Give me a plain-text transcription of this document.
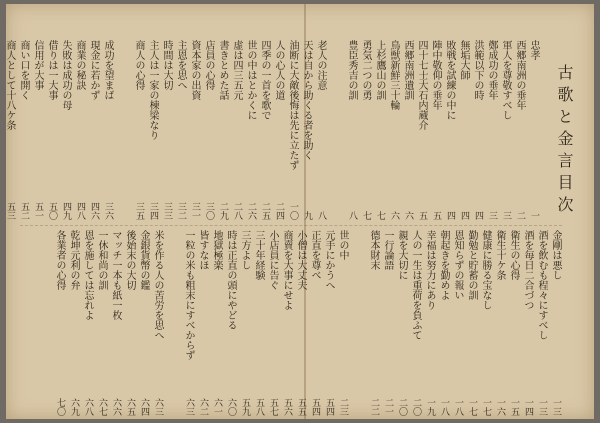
古歌と金言目次
忠孝
一
西郷南洲の垂年
二
軍人を尊敬すべし
三
鄭成功の垂年
三
洪範以下の時
四
無垢大師
四
敗戦を試練の中に
四
陣中敬仰の垂年
五
四十七士大石内蔵介
五
西郷南洲遺訓
六
鳥獣新鮮三十輪
六
上杉鷹山の訓
七
勇気二つの勇
七
豊臣秀吉の訓
八
老人の注意
八
天は自から助くる者を助く
九
油断に大敵後悔は先に立たず
一〇
人の心人の道
二四
四季の一首を歌で
二五
世の中はとかくに
二六
虚は四三五元
二八
書きとめた話
二九
店員の心得
三〇
資本家の出資
三一
主恩を思へ
三二
時間は大切
三三
主人は一家の棟梁なり
三四
商人の心得
三五
成功を望まば
三六
現金に若かず
四六
商業の秘訣
四八
失敗は成功の母
四九
借りは一大事
五〇
信用が大事
五一
商い口を開く
五二
商人として十八ケ条
五三
金剛は悪し
一三
酒を飲むも程々にすべし
一三
酒を毎日二合づつ
一四
衛生の心得
一五
衛生十ケ条
一六
健康に勝る宝なし
一七
勤勉と貯蓄の訓
一七
恩知らずの報い
一八
朝起きを勤めよ
一八
幸福は努力にあり
一九
人の一生は重荷を負ふて
二〇
親を大切に
二〇
一行論語
二一
德本財末
二二
世の中
二三
元手にかうへ
五四
正直を尊べ
五四
小僧は大丈夫
五五
商賣を大事にせよ
五六
小店員に告ぐ
五七
三十年経験
五八
三方よし
五九
時は正直の頭にやどる
六〇
地獄極楽
六一
皆すなほ
六二
一粒の米も粗末にすべからず
六三
米を作る人の苦労を思へ
六三
金銀貨幣の鑑
六四
後始末の大切
六五
マッチ一本も紙一枚
六六
一休和尚の訓
六七
恩を施しては忘れよ
六八
乾坤元利の弁
六九
各業者の心得
七〇
